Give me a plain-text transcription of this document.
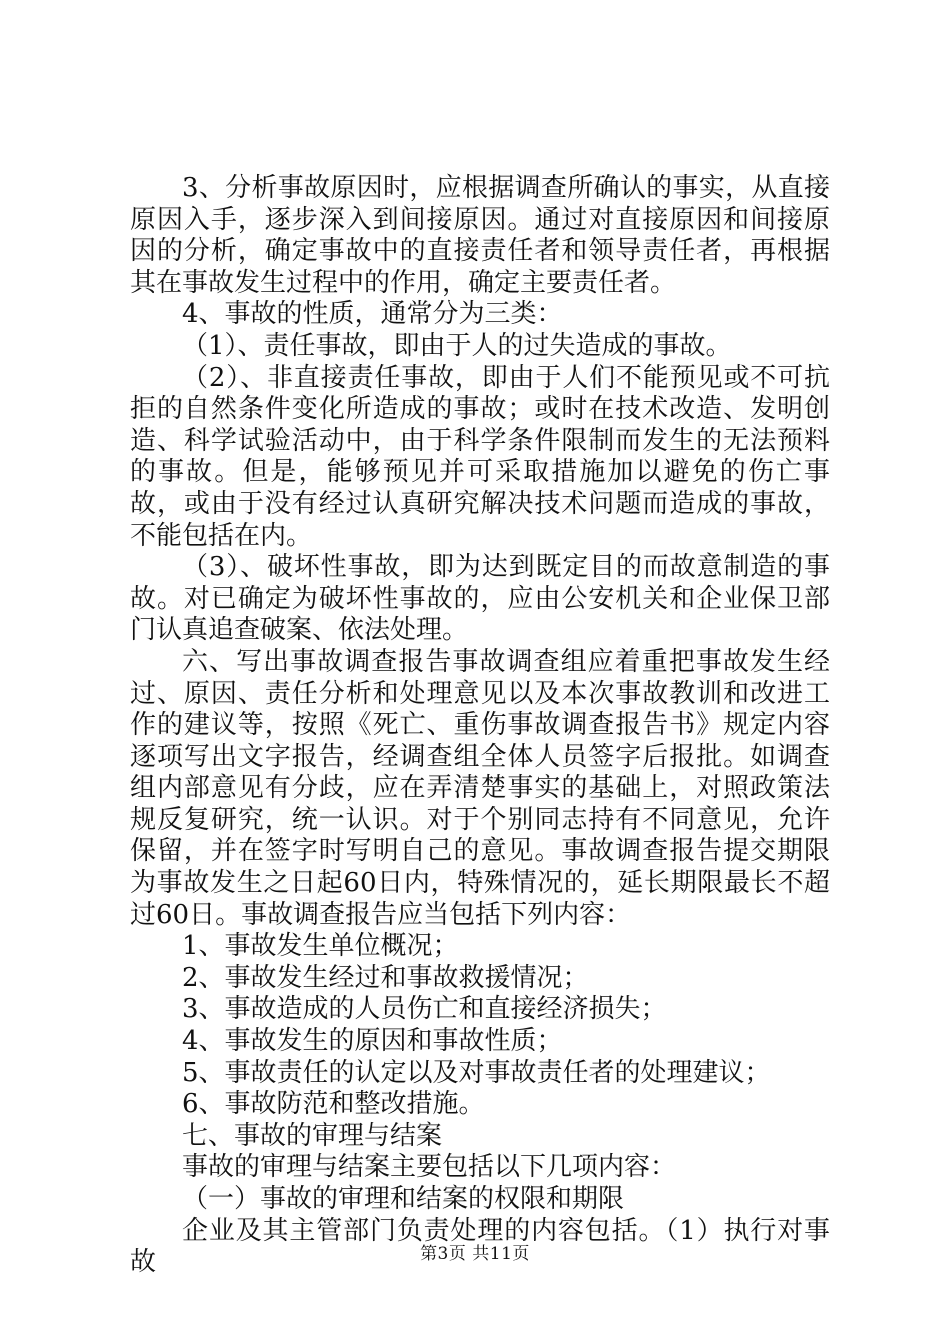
3、分析事故原因时，应根据调查所确认的事实，从直接原因入手，逐步深入到间接原因。通过对直接原因和间接原因的分析，确定事故中的直接责任者和领导责任者，再根据其在事故发生过程中的作用，确定主要责任者。

4、事故的性质，通常分为三类：

（1）、责任事故，即由于人的过失造成的事故。

（2）、非直接责任事故，即由于人们不能预见或不可抗拒的自然条件变化所造成的事故；或时在技术改造、发明创造、科学试验活动中，由于科学条件限制而发生的无法预料的事故。但是，能够预见并可采取措施加以避免的伤亡事故，或由于没有经过认真研究解决技术问题而造成的事故，不能包括在内。

（3）、破坏性事故，即为达到既定目的而故意制造的事故。对已确定为破坏性事故的，应由公安机关和企业保卫部门认真追查破案、依法处理。

六、写出事故调查报告事故调查组应着重把事故发生经过、原因、责任分析和处理意见以及本次事故教训和改进工作的建议等，按照《死亡、重伤事故调查报告书》规定内容逐项写出文字报告，经调查组全体人员签字后报批。如调查组内部意见有分歧，应在弄清楚事实的基础上，对照政策法规反复研究，统一认识。对于个别同志持有不同意见，允许保留，并在签字时写明自己的意见。事故调查报告提交期限为事故发生之日起60日内，特殊情况的，延长期限最长不超过60日。事故调查报告应当包括下列内容：

1、事故发生单位概况；

2、事故发生经过和事故救援情况；

3、事故造成的人员伤亡和直接经济损失；

4、事故发生的原因和事故性质；

5、事故责任的认定以及对事故责任者的处理建议；

6、事故防范和整改措施。

七、事故的审理与结案

事故的审理与结案主要包括以下几项内容：

（一）事故的审理和结案的权限和期限

企业及其主管部门负责处理的内容包括。（1）执行对事故	第3页 共11页
